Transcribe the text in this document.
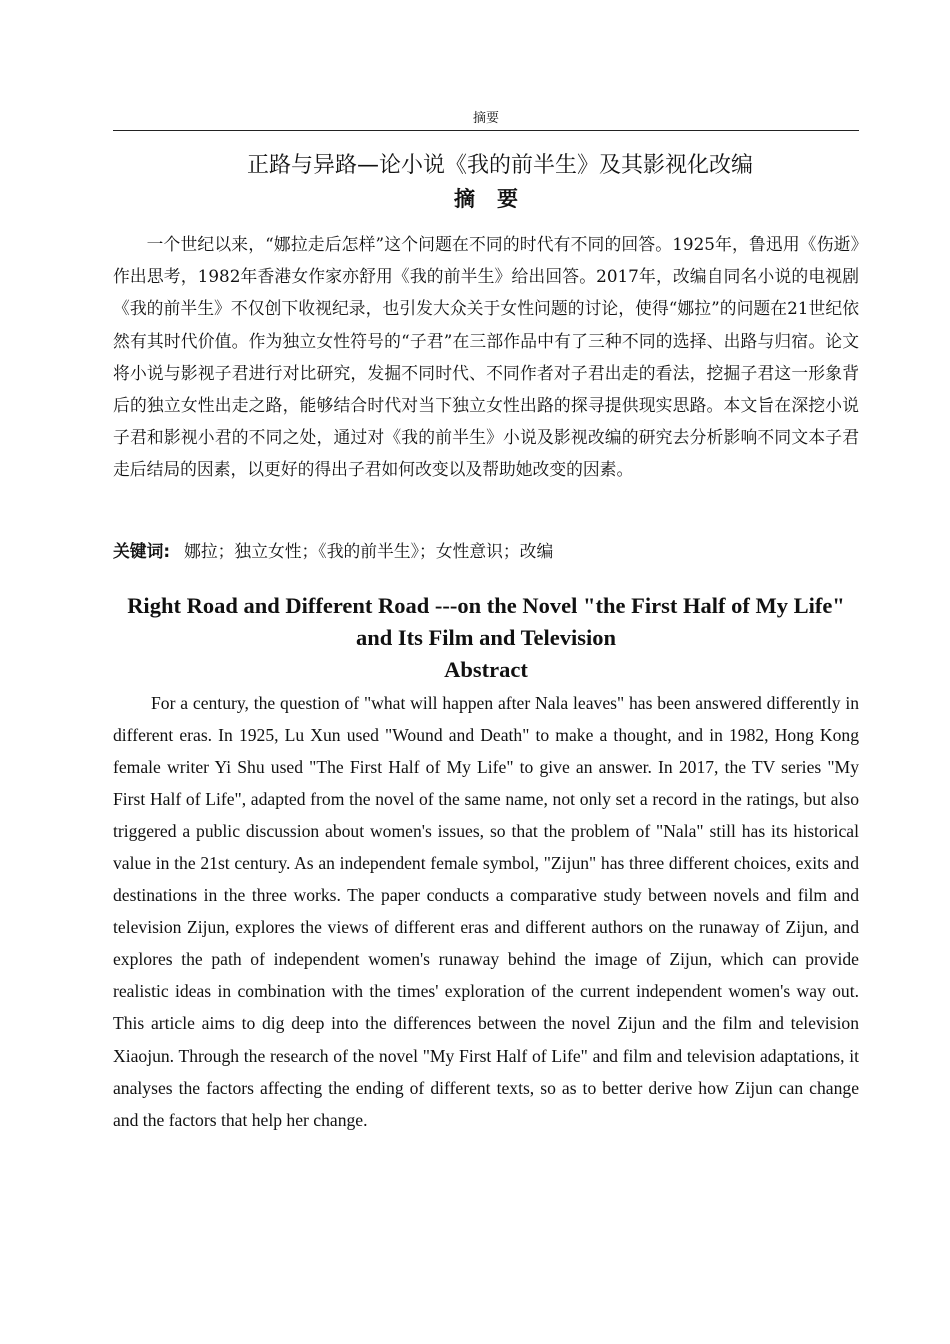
摘要
正路与异路—论小说《我的前半生》及其影视化改编
摘要

一个世纪以来，“娜拉走后怎样”这个问题在不同的时代有不同的回答。1925年，鲁迅用《伤逝》作出思考，1982年香港女作家亦舒用《我的前半生》给出回答。2017年，改编自同名小说的电视剧《我的前半生》不仅创下收视纪录，也引发大众关于女性问题的讨论，使得“娜拉”的问题在21世纪依然有其时代价值。作为独立女性符号的“子君”在三部作品中有了三种不同的选择、出路与归宿。论文将小说与影视子君进行对比研究，发掘不同时代、不同作者对子君出走的看法，挖掘子君这一形象背后的独立女性出走之路，能够结合时代对当下独立女性出路的探寻提供现实思路。本文旨在深挖小说子君和影视小君的不同之处，通过对《我的前半生》小说及影视改编的研究去分析影响不同文本子君走后结局的因素，以更好的得出子君如何改变以及帮助她改变的因素。

关键词: 娜拉；独立女性；《我的前半生》；女性意识；改编

Right Road and Different Road ---on the Novel "the First Half of My Life" and Its Film and Television
Abstract

For a century, the question of "what will happen after Nala leaves" has been answered differently in different eras. In 1925, Lu Xun used "Wound and Death" to make a thought, and in 1982, Hong Kong female writer Yi Shu used "The First Half of My Life" to give an answer. In 2017, the TV series "My First Half of Life", adapted from the novel of the same name, not only set a record in the ratings, but also triggered a public discussion about women's issues, so that the problem of "Nala" still has its historical value in the 21st century. As an independent female symbol, "Zijun" has three different choices, exits and destinations in the three works. The paper conducts a comparative study between novels and film and television Zijun, explores the views of different eras and different authors on the runaway of Zijun, and explores the path of independent women's runaway behind the image of Zijun, which can provide realistic ideas in combination with the times' exploration of the current independent women's way out. This article aims to dig deep into the differences between the novel Zijun and the film and television Xiaojun. Through the research of the novel "My First Half of Life" and film and television adaptations, it analyses the factors affecting the ending of different texts, so as to better derive how Zijun can change and the factors that help her change.
